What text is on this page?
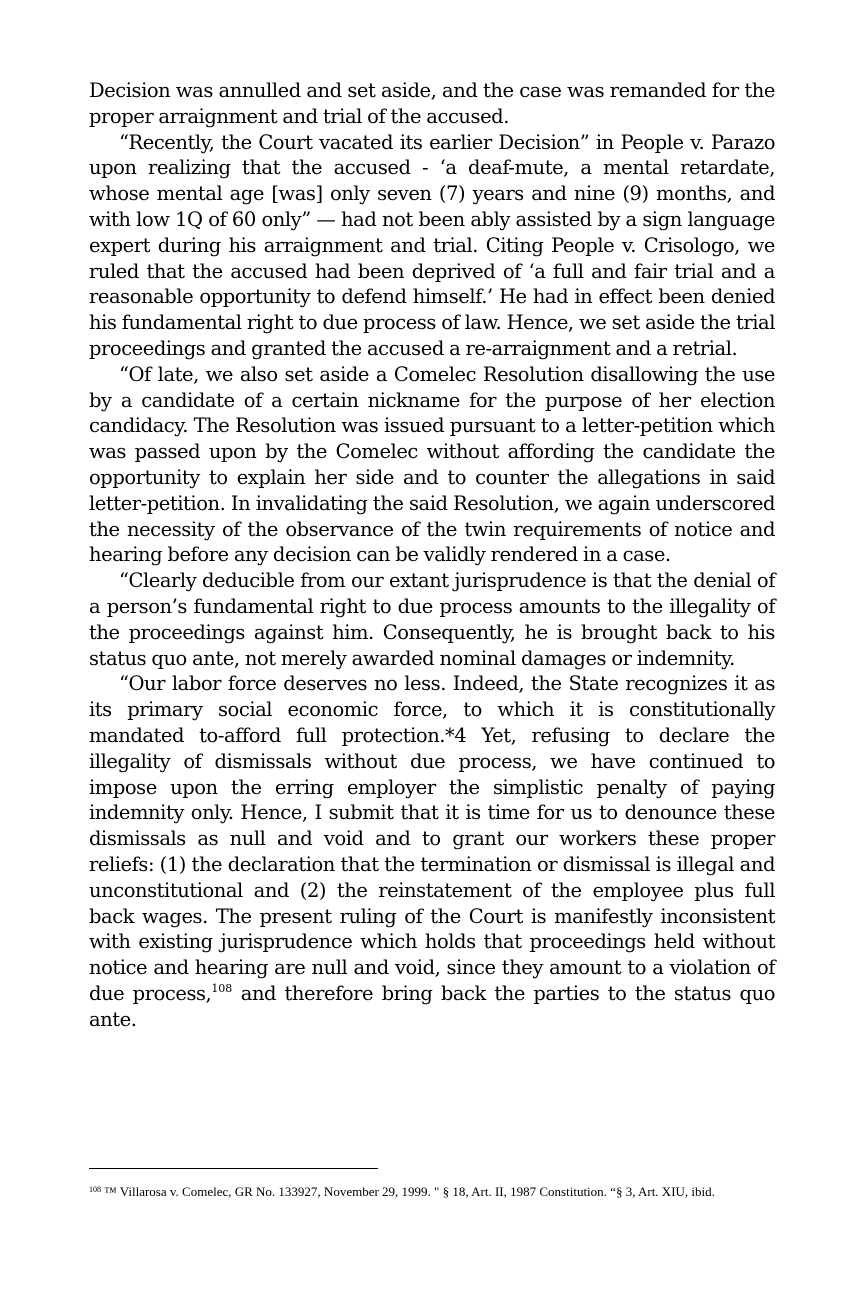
Decision was annulled and set aside, and the case was remanded for the proper arraignment and trial of the accused.

“Recently, the Court vacated its earlier Decision” in People v. Parazo upon realizing that the accused - ‘a deaf-mute, a mental retardate, whose mental age [was] only seven (7) years and nine (9) months, and with low 1Q of 60 only” — had not been ably assisted by a sign language expert during his arraignment and trial. Citing People v. Crisologo, we ruled that the accused had been deprived of ‘a full and fair trial and a reasonable opportunity to defend himself.’ He had in effect been denied his fundamental right to due process of law. Hence, we set aside the trial proceedings and granted the accused a re-arraignment and a retrial.

“Of late, we also set aside a Comelec Resolution disallowing the use by a candidate of a certain nickname for the purpose of her election candidacy. The Resolution was issued pursuant to a letter-petition which was passed upon by the Comelec without affording the candidate the opportunity to explain her side and to counter the allegations in said letter-petition. In invalidating the said Resolution, we again underscored the necessity of the observance of the twin requirements of notice and hearing before any decision can be validly rendered in a case.

“Clearly deducible from our extant jurisprudence is that the denial of a person’s fundamental right to due process amounts to the illegality of the proceedings against him. Consequently, he is brought back to his status quo ante, not merely awarded nominal damages or indemnity.

“Our labor force deserves no less. Indeed, the State recognizes it as its primary social economic force, to which it is constitutionally mandated to-afford full protection.*4 Yet, refusing to declare the illegality of dismissals without due process, we have continued to impose upon the erring employer the simplistic penalty of paying indemnity only. Hence, I submit that it is time for us to denounce these dismissals as null and void and to grant our workers these proper reliefs: (1) the declaration that the termination or dismissal is illegal and unconstitutional and (2) the reinstatement of the employee plus full back wages. The present ruling of the Court is manifestly inconsistent with existing jurisprudence which holds that proceedings held without notice and hearing are null and void, since they amount to a violation of due process,$^{108}$ and therefore bring back the parties to the status quo ante.

$^{108}$ ™ Villarosa v. Comelec, GR No. 133927, November 29, 1999. " § 18, Art. II, 1987 Constitution. “§ 3, Art. XIU, ibid.
